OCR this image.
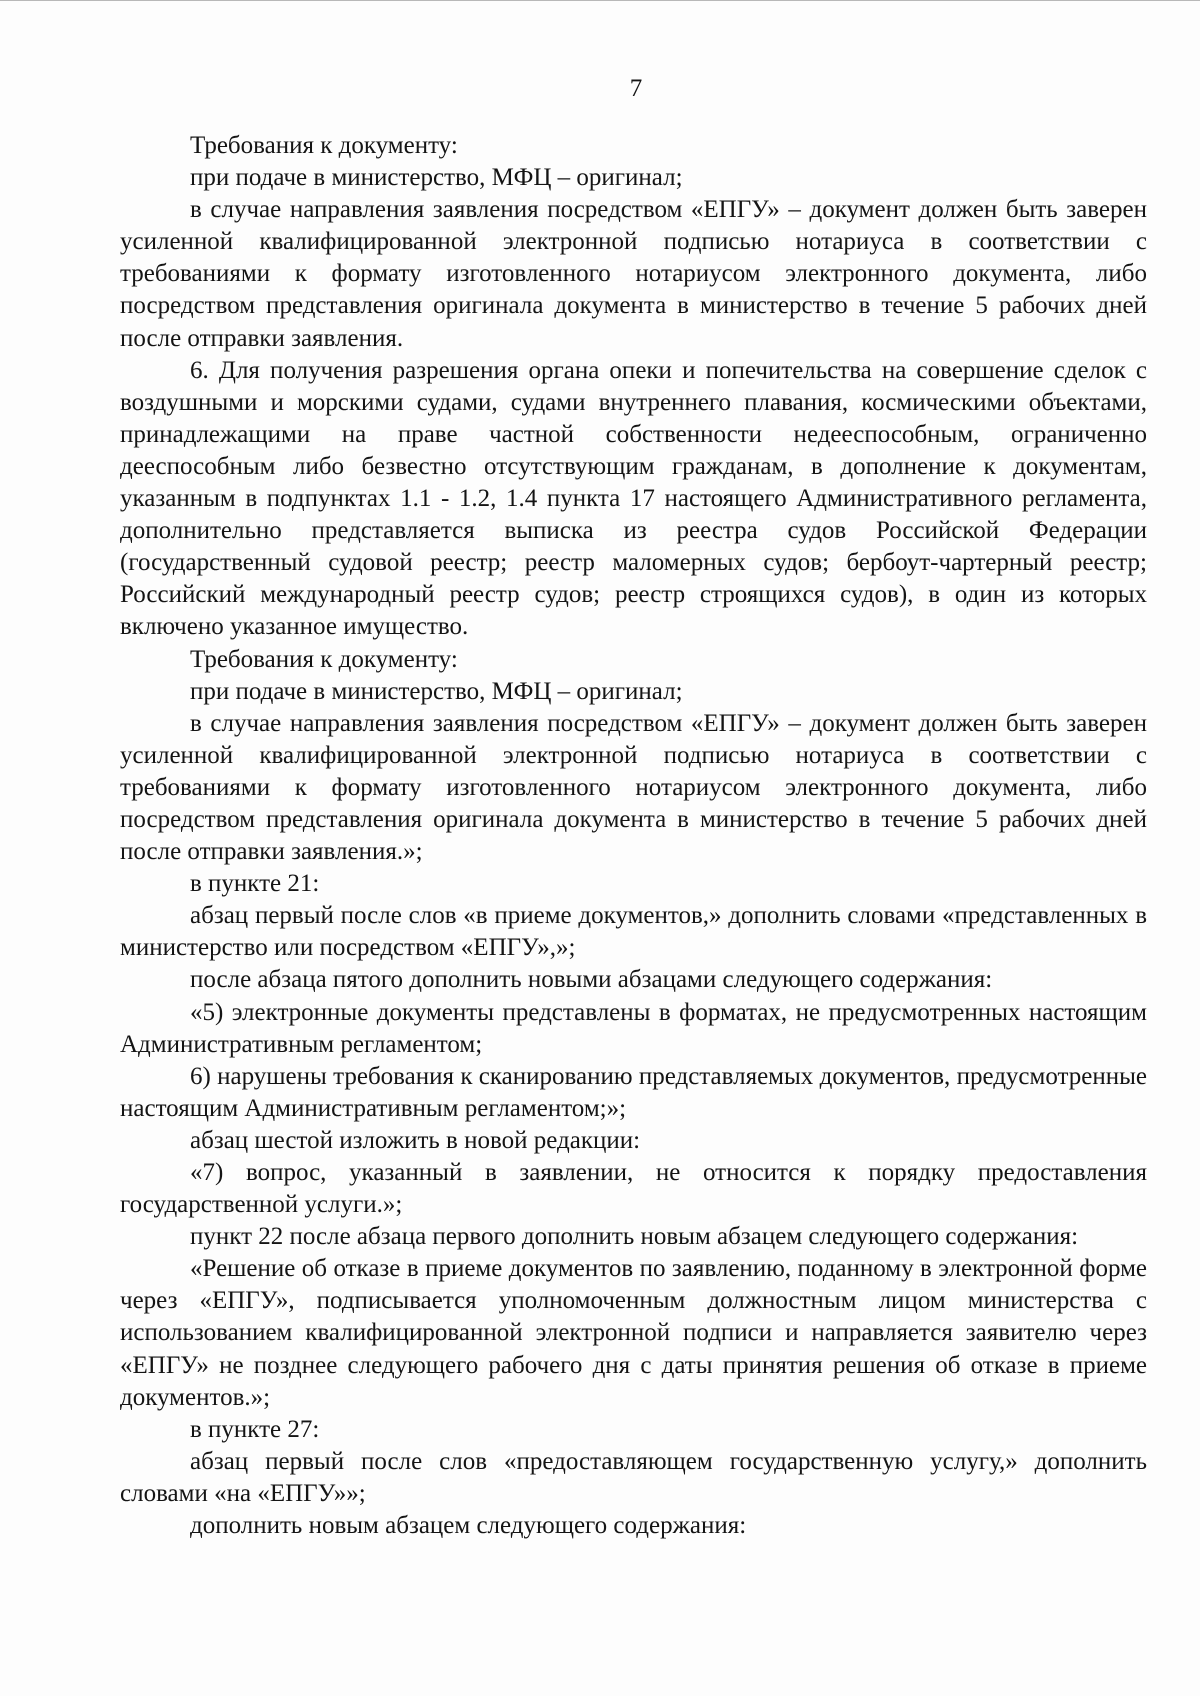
7

Требования к документу:

при подаче в министерство, МФЦ – оригинал;

в случае направления заявления посредством «ЕПГУ» – документ должен быть заверен усиленной квалифицированной электронной подписью нотариуса в соответствии с требованиями к формату изготовленного нотариусом электронного документа, либо посредством представления оригинала документа в министерство в течение 5 рабочих дней после отправки заявления.

6. Для получения разрешения органа опеки и попечительства на совершение сделок с воздушными и морскими судами, судами внутреннего плавания, космическими объектами, принадлежащими на праве частной собственности недееспособным, ограниченно дееспособным либо безвестно отсутствующим гражданам, в дополнение к документам, указанным в подпунктах 1.1 - 1.2, 1.4 пункта 17 настоящего Административного регламента, дополнительно представляется выписка из реестра судов Российской Федерации (государственный судовой реестр; реестр маломерных судов; бербоут-чартерный реестр; Российский международный реестр судов; реестр строящихся судов), в один из которых включено указанное имущество.

Требования к документу:

при подаче в министерство, МФЦ – оригинал;

в случае направления заявления посредством «ЕПГУ» – документ должен быть заверен усиленной квалифицированной электронной подписью нотариуса в соответствии с требованиями к формату изготовленного нотариусом электронного документа, либо посредством представления оригинала документа в министерство в течение 5 рабочих дней после отправки заявления.»;

в пункте 21:

абзац первый после слов «в приеме документов,» дополнить словами «представленных в министерство или посредством «ЕПГУ»,»;

после абзаца пятого дополнить новыми абзацами следующего содержания:

«5) электронные документы представлены в форматах, не предусмотренных настоящим Административным регламентом;

6) нарушены требования к сканированию представляемых документов, предусмотренные настоящим Административным регламентом;»;

абзац шестой изложить в новой редакции:

«7) вопрос, указанный в заявлении, не относится к порядку предоставления государственной услуги.»;

пункт 22 после абзаца первого дополнить новым абзацем следующего содержания:

«Решение об отказе в приеме документов по заявлению, поданному в электронной форме через «ЕПГУ», подписывается уполномоченным должностным лицом министерства с использованием квалифицированной электронной подписи и направляется заявителю через «ЕПГУ» не позднее следующего рабочего дня с даты принятия решения об отказе в приеме документов.»;

в пункте 27:

абзац первый после слов «предоставляющем государственную услугу,» дополнить словами «на «ЕПГУ»»;

дополнить новым абзацем следующего содержания:
